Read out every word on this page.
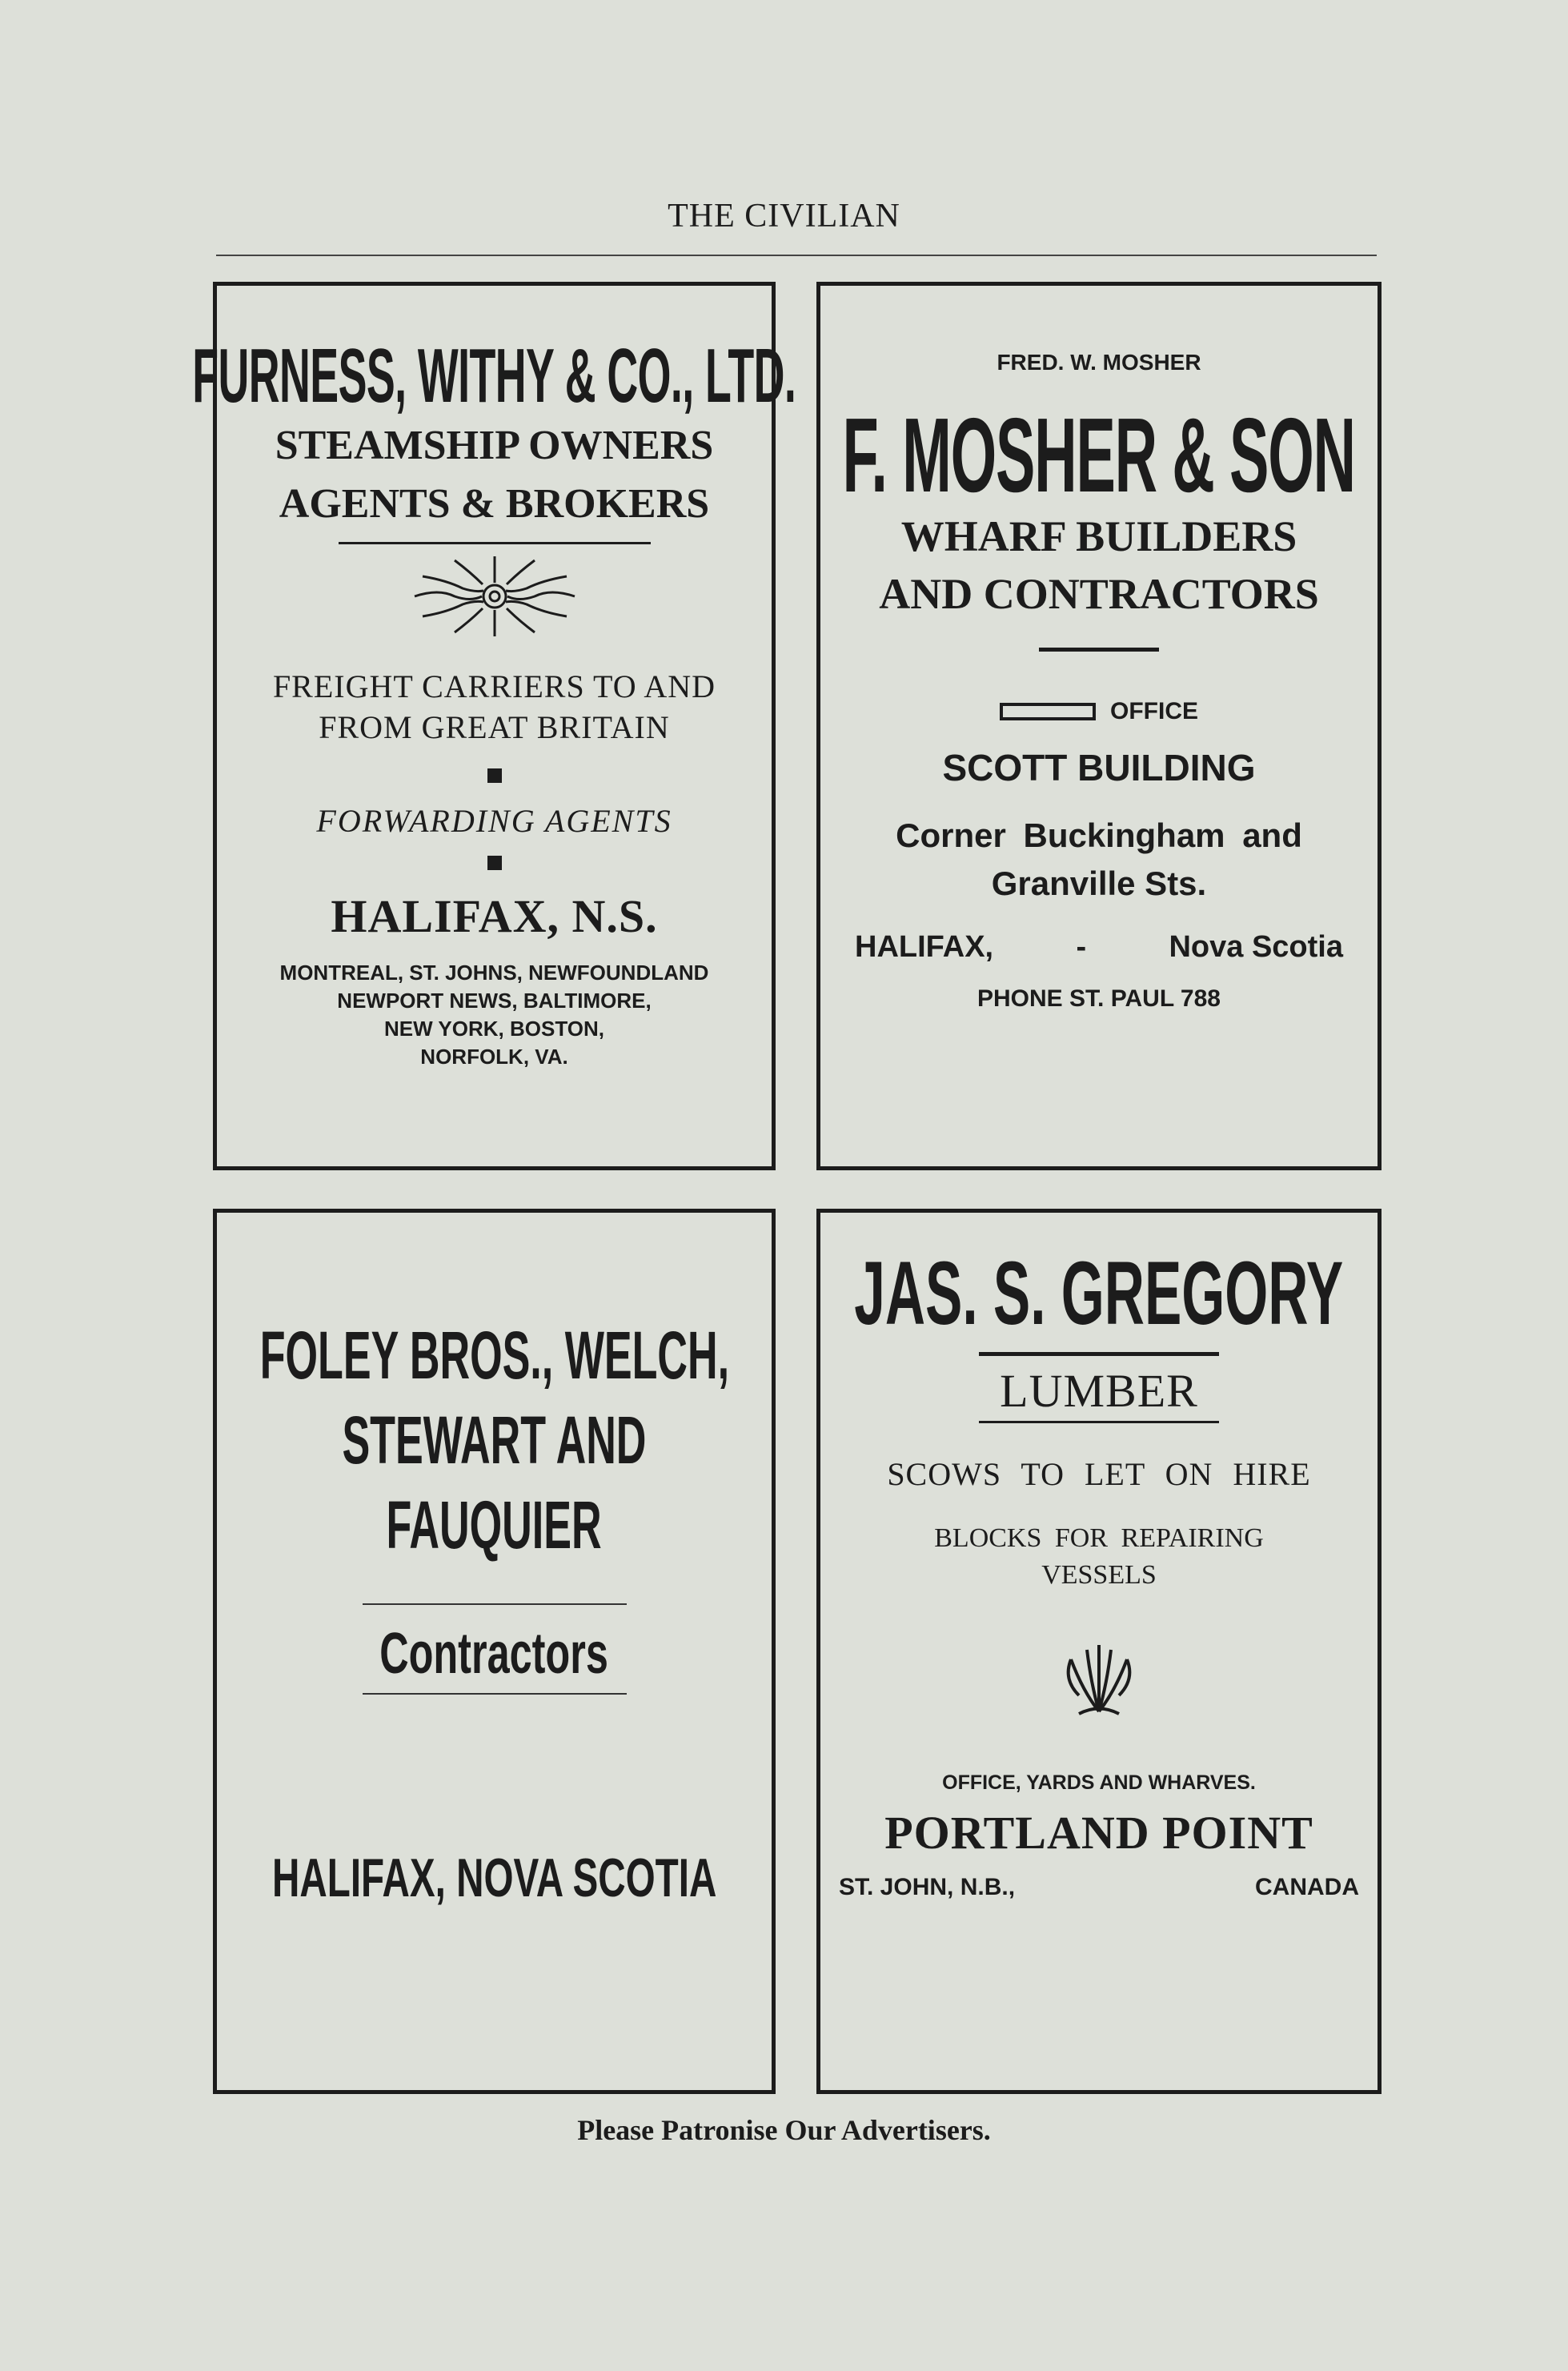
THE CIVILIAN
FURNESS, WITHY & CO., LTD.
STEAMSHIP OWNERS
AGENTS & BROKERS
FREIGHT CARRIERS TO AND
FROM GREAT BRITAIN
FORWARDING AGENTS
HALIFAX, N.S.
MONTREAL, ST. JOHNS, NEWFOUNDLAND
NEWPORT NEWS, BALTIMORE,
NEW YORK, BOSTON,
NORFOLK, VA.
FRED. W. MOSHER
F. MOSHER & SON
WHARF BUILDERS
AND CONTRACTORS
OFFICE
SCOTT BUILDING
Corner Buckingham and
Granville Sts.
HALIFAX,	-	Nova Scotia
PHONE ST. PAUL 788
FOLEY BROS., WELCH,
STEWART AND
FAUQUIER
Contractors
HALIFAX, NOVA SCOTIA
JAS. S. GREGORY
LUMBER
SCOWS TO LET ON HIRE
BLOCKS FOR REPAIRING
VESSELS
OFFICE, YARDS AND WHARVES.
PORTLAND POINT
ST. JOHN, N.B.,	CANADA
Please Patronise Our Advertisers.
